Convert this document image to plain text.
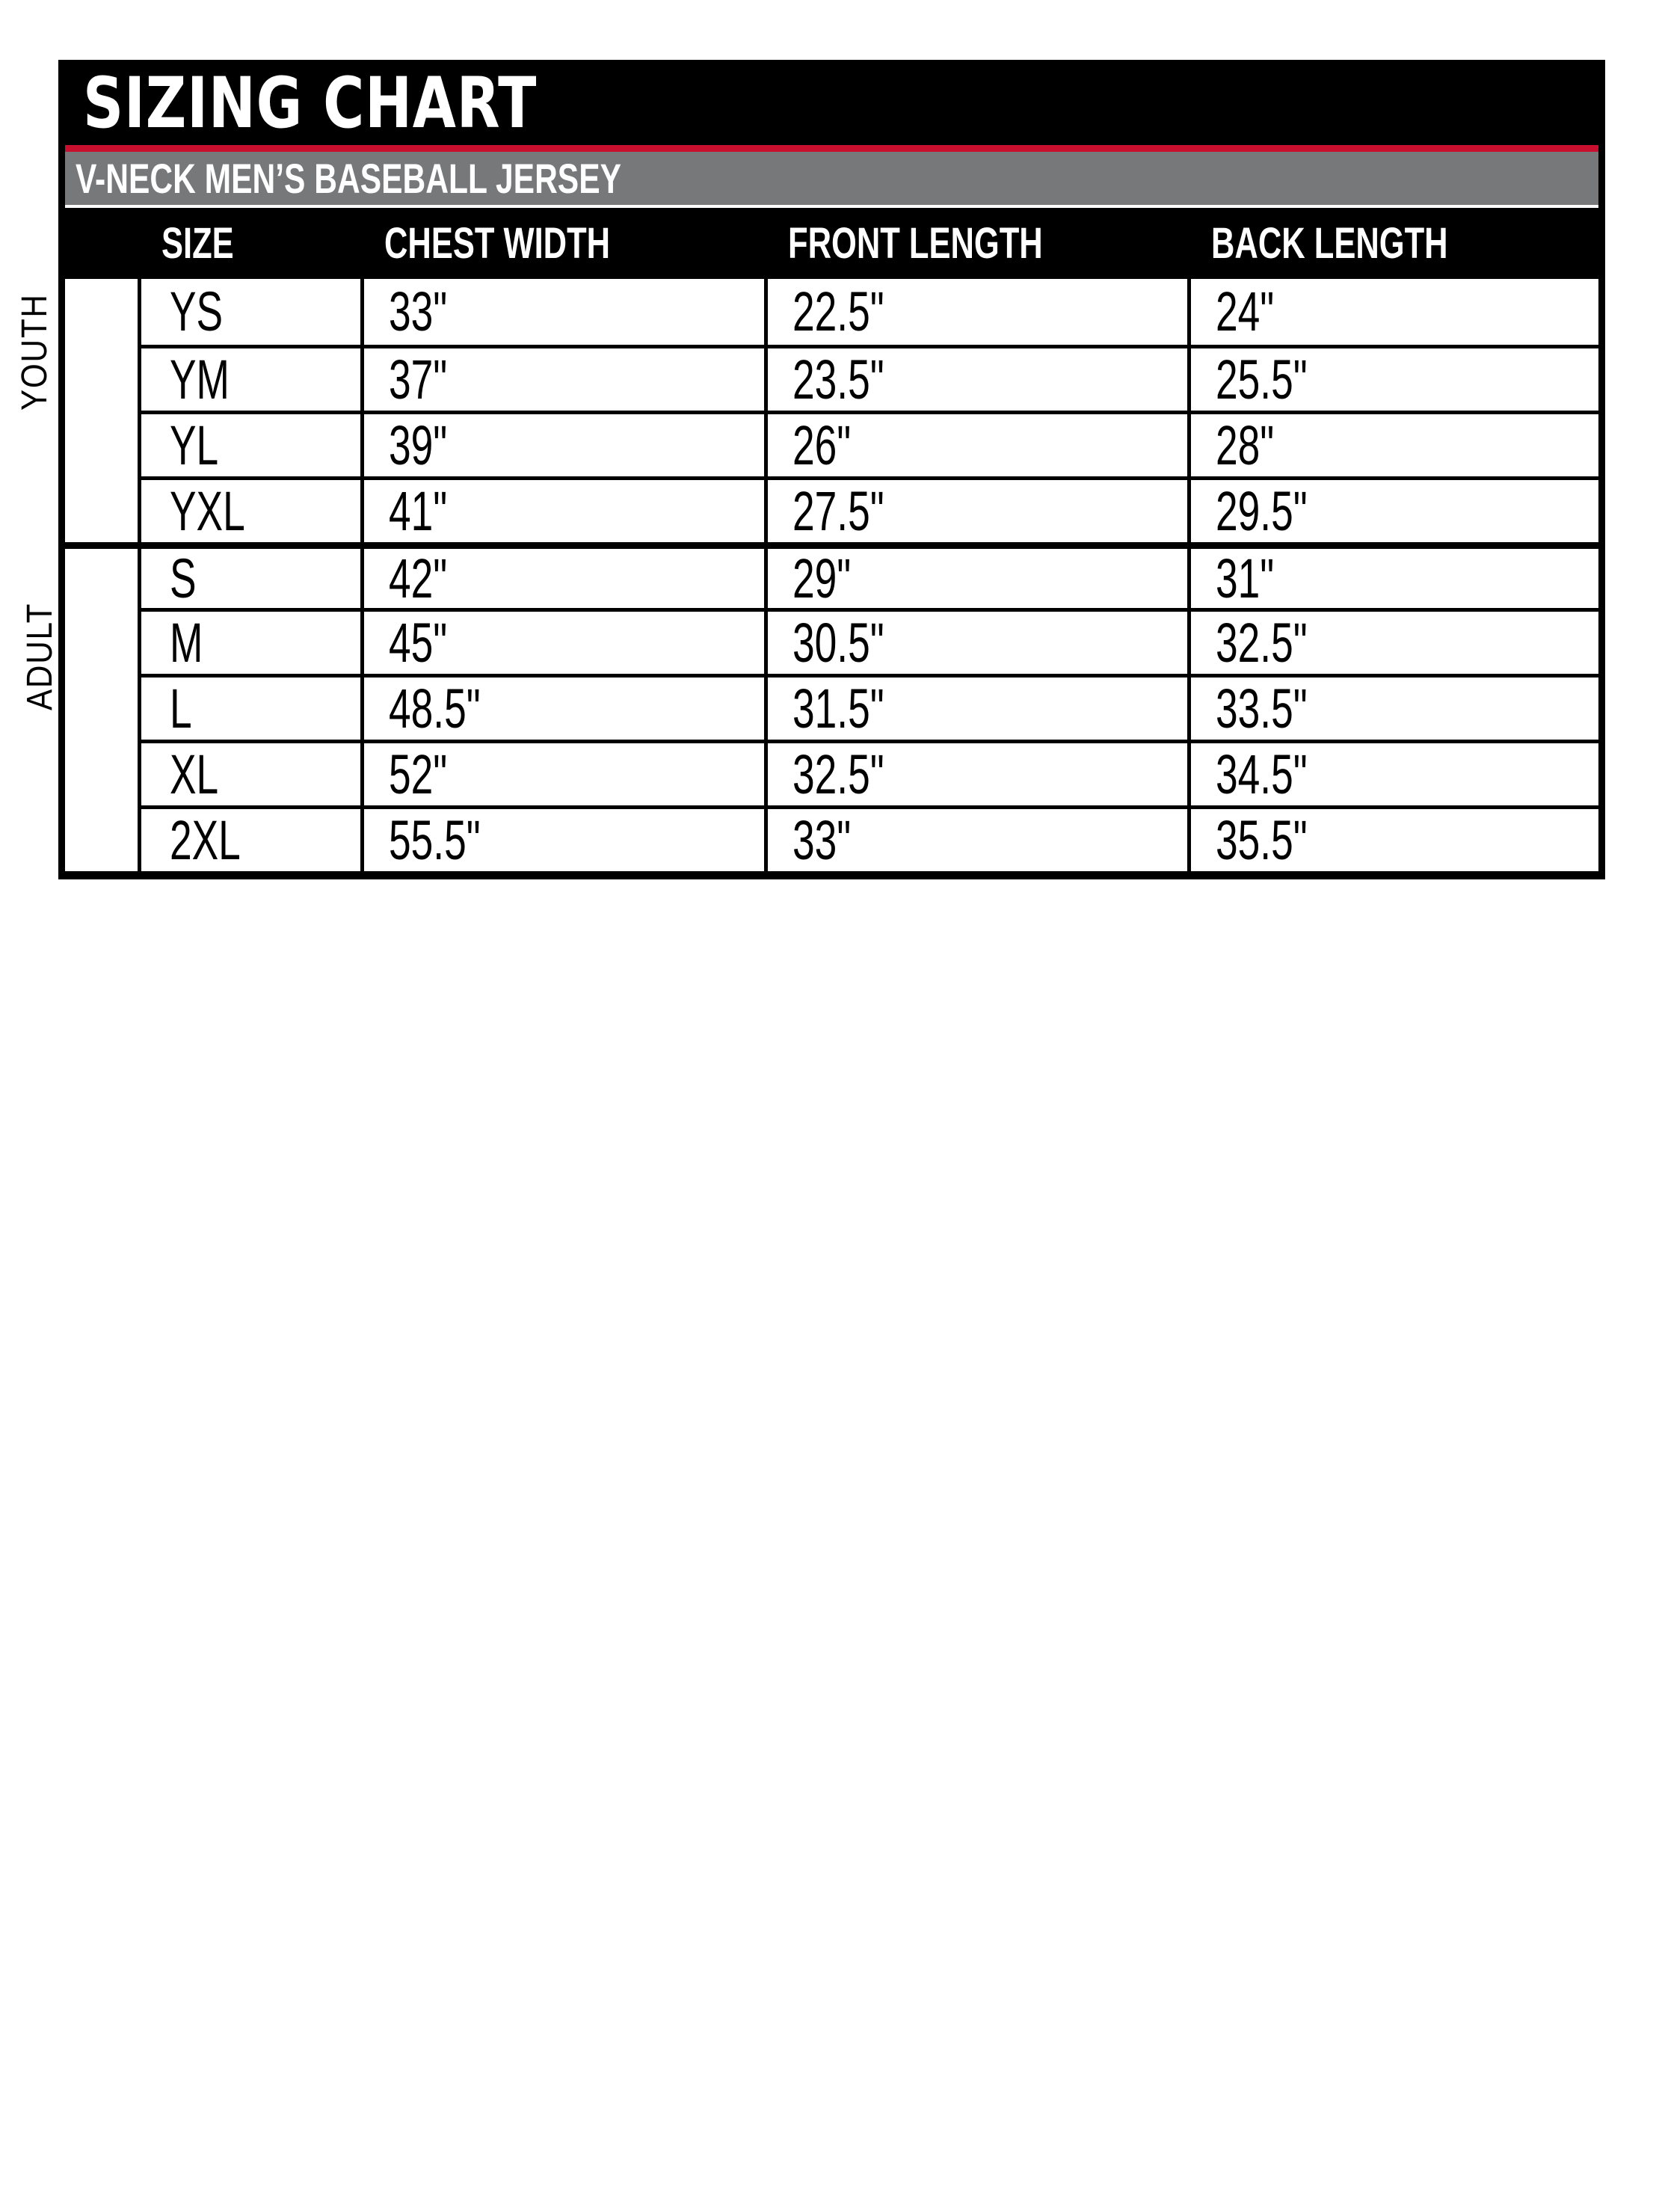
SIZING CHART
V-NECK MEN’S BASEBALL JERSEY
SIZE	CHEST WIDTH	FRONT LENGTH	BACK LENGTH
YOUTH
ADULT
YS	33"	22.5"	24"
YM	37"	23.5"	25.5"
YL	39"	26"	28"
YXL	41"	27.5"	29.5"
S	42"	29"	31"
M	45"	30.5"	32.5"
L	48.5"	31.5"	33.5"
XL	52"	32.5"	34.5"
2XL	55.5"	33"	35.5"
